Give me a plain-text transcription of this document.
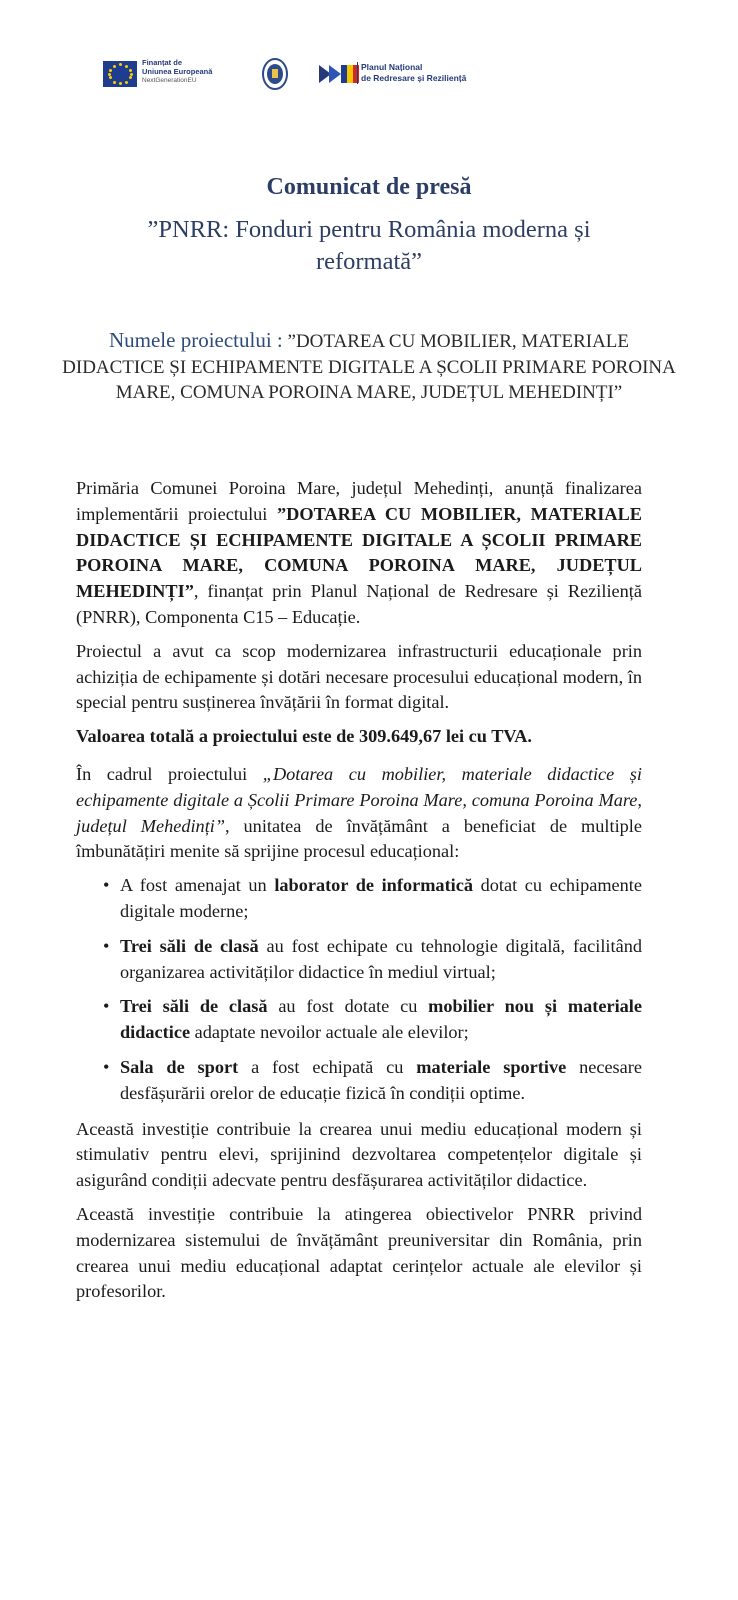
Finanțat de
Uniunea Europeană
NextGenerationEU
Planul Național
de Redresare și Reziliență
Comunicat de presă
”PNRR: Fonduri pentru România moderna și
reformată”
Numele proiectului : ”DOTAREA CU MOBILIER, MATERIALE DIDACTICE ȘI ECHIPAMENTE DIGITALE A ȘCOLII PRIMARE POROINA MARE, COMUNA POROINA MARE, JUDEȚUL MEHEDINȚI”

Primăria Comunei Poroina Mare, județul Mehedinți, anunță finalizarea implementării proiectului ”DOTAREA CU MOBILIER, MATERIALE DIDACTICE ȘI ECHIPAMENTE DIGITALE A ȘCOLII PRIMARE POROINA MARE, COMUNA POROINA MARE, JUDEȚUL MEHEDINȚI”, finanțat prin Planul Național de Redresare și Reziliență (PNRR), Componenta C15 – Educație.

Proiectul a avut ca scop modernizarea infrastructurii educaționale prin achiziția de echipamente și dotări necesare procesului educațional modern, în special pentru susținerea învățării în format digital.

Valoarea totală a proiectului este de 309.649,67 lei cu TVA.

În cadrul proiectului „Dotarea cu mobilier, materiale didactice și echipamente digitale a Școlii Primare Poroina Mare, comuna Poroina Mare, județul Mehedinți”, unitatea de învățământ a beneficiat de multiple îmbunătățiri menite să sprijine procesul educațional:

• A fost amenajat un laborator de informatică dotat cu echipamente digitale moderne;
• Trei săli de clasă au fost echipate cu tehnologie digitală, facilitând organizarea activităților didactice în mediul virtual;
• Trei săli de clasă au fost dotate cu mobilier nou și materiale didactice adaptate nevoilor actuale ale elevilor;
• Sala de sport a fost echipată cu materiale sportive necesare desfășurării orelor de educație fizică în condiții optime.

Această investiție contribuie la crearea unui mediu educațional modern și stimulativ pentru elevi, sprijinind dezvoltarea competențelor digitale și asigurând condiții adecvate pentru desfășurarea activităților didactice.

Această investiție contribuie la atingerea obiectivelor PNRR privind modernizarea sistemului de învățământ preuniversitar din România, prin crearea unui mediu educațional adaptat cerințelor actuale ale elevilor și profesorilor.
